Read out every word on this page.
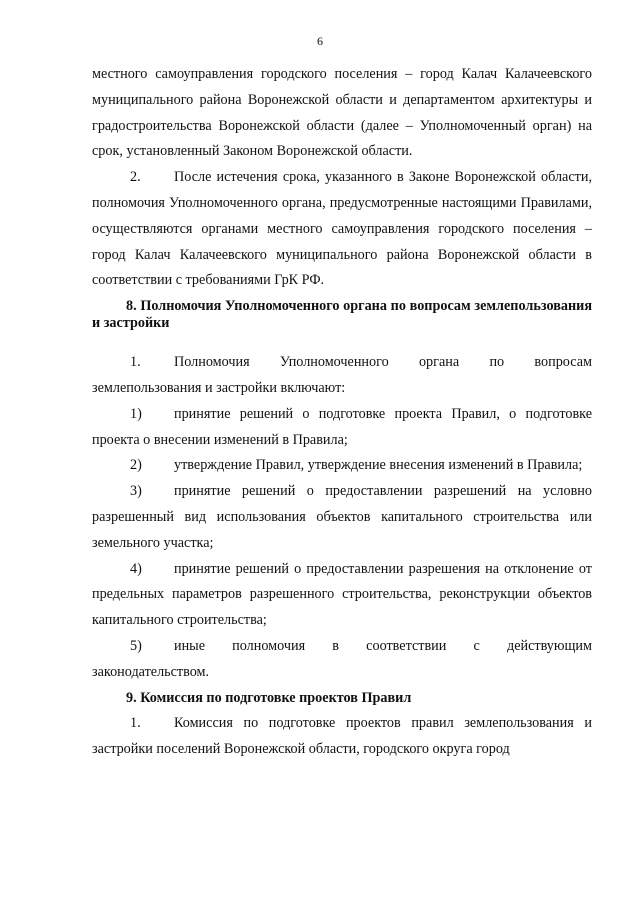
6

местного самоуправления городского поселения – город Калач Калачеевского муниципального района Воронежской области и департаментом архитектуры и градостроительства Воронежской области (далее – Уполномоченный орган) на срок, установленный Законом Воронежской области.

2. После истечения срока, указанного в Законе Воронежской области, полномочия Уполномоченного органа, предусмотренные настоящими Правилами, осуществляются органами местного самоуправления городского поселения – город Калач Калачеевского муниципального района Воронежской области в соответствии с требованиями ГрК РФ.

8. Полномочия Уполномоченного органа по вопросам землепользования и застройки

1. Полномочия Уполномоченного органа по вопросам землепользования и застройки включают:

1) принятие решений о подготовке проекта Правил, о подготовке проекта о внесении изменений в Правила;

2) утверждение Правил, утверждение внесения изменений в Правила;

3) принятие решений о предоставлении разрешений на условно разрешенный вид использования объектов капитального строительства или земельного участка;

4) принятие решений о предоставлении разрешения на отклонение от предельных параметров разрешенного строительства, реконструкции объектов капитального строительства;

5) иные полномочия в соответствии с действующим законодательством.

9. Комиссия по подготовке проектов Правил

1. Комиссия по подготовке проектов правил землепользования и застройки поселений Воронежской области, городского округа город
